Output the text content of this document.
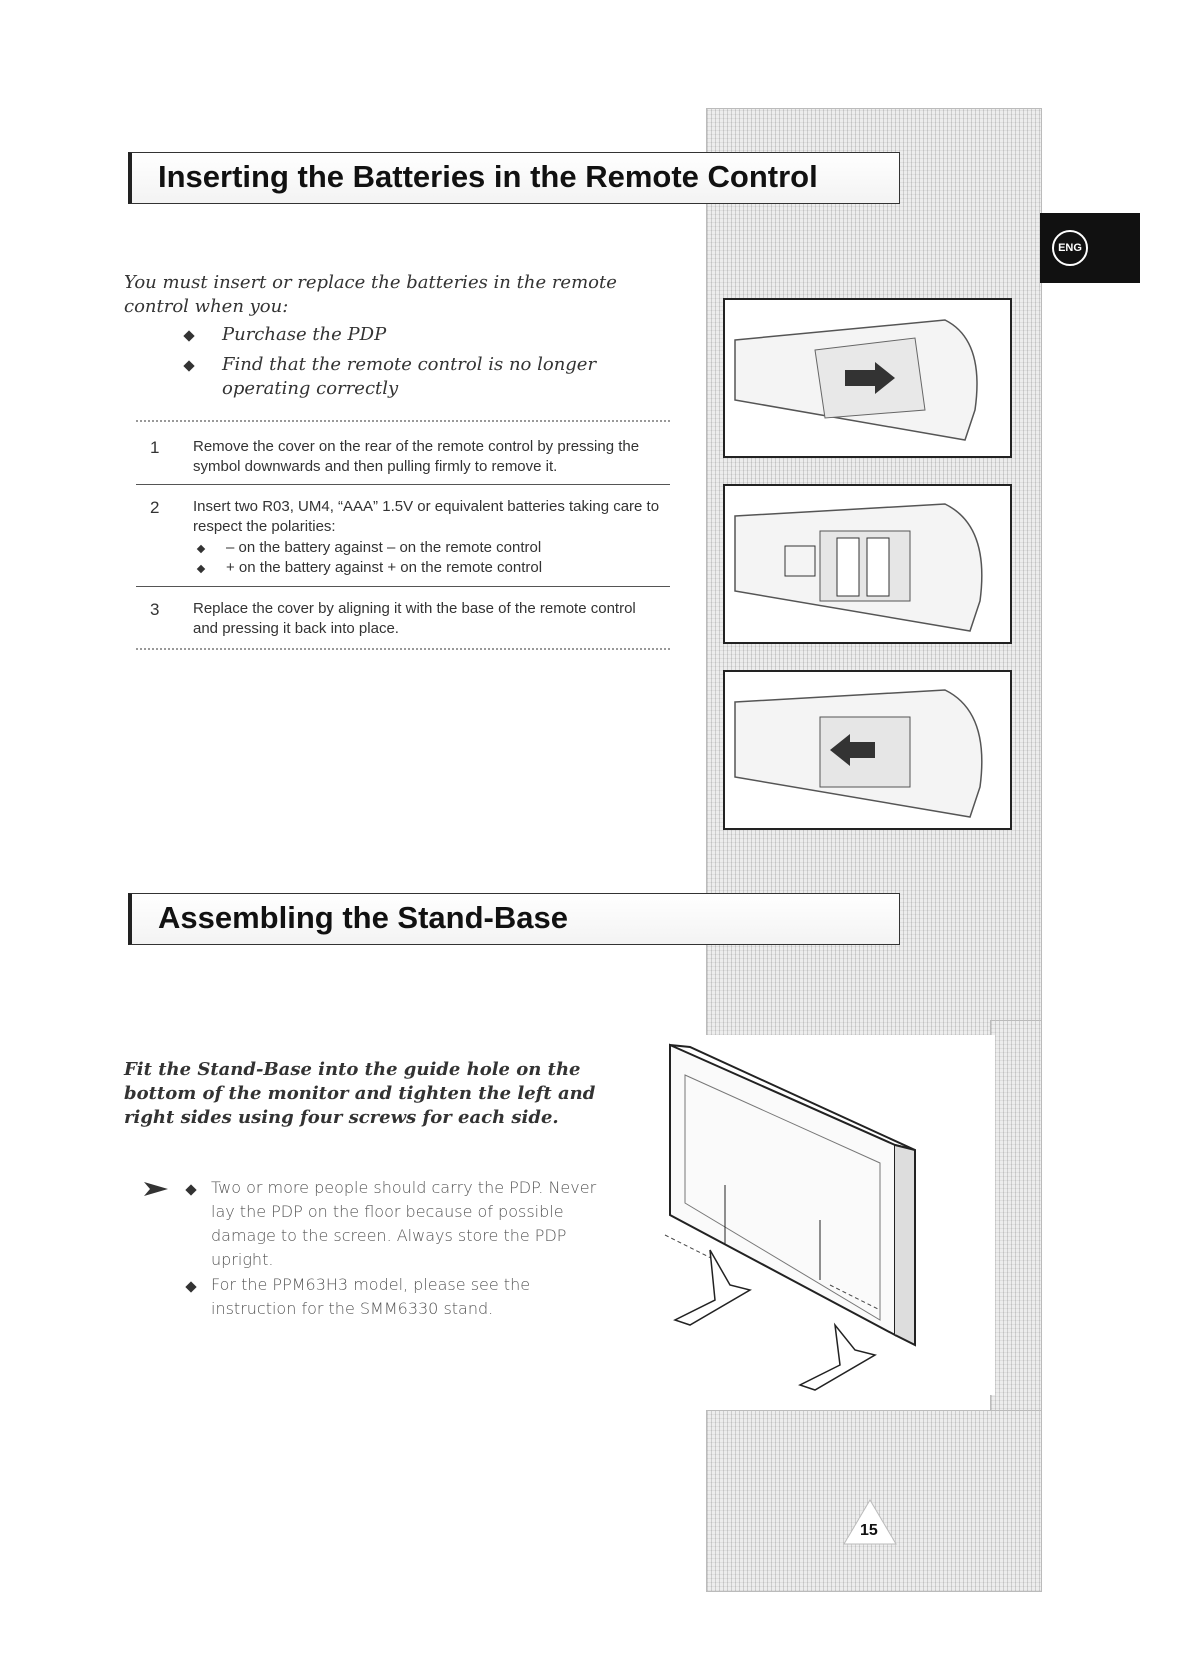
ENG
Inserting the Batteries in the Remote Control
You must insert or replace the batteries in the remote control when you:
Purchase the PDP
Find that the remote control is no longer operating correctly
1 Remove the cover on the rear of the remote control by pressing the symbol downwards and then pulling firmly to remove it.
2 Insert two R03, UM4, “AAA” 1.5V or equivalent batteries taking care to respect the polarities:
– on the battery against – on the remote control
+ on the battery against + on the remote control
3 Replace the cover by aligning it with the base of the remote control and pressing it back into place.
Assembling the Stand-Base
Fit the Stand-Base into the guide hole on the bottom of the monitor and tighten the left and right sides using four screws for each side.
Two or more people should carry the PDP. Never lay the PDP on the floor because of possible damage to the screen. Always store the PDP upright.
For the PPM63H3 model, please see the instruction for the SMM6330 stand.
15
